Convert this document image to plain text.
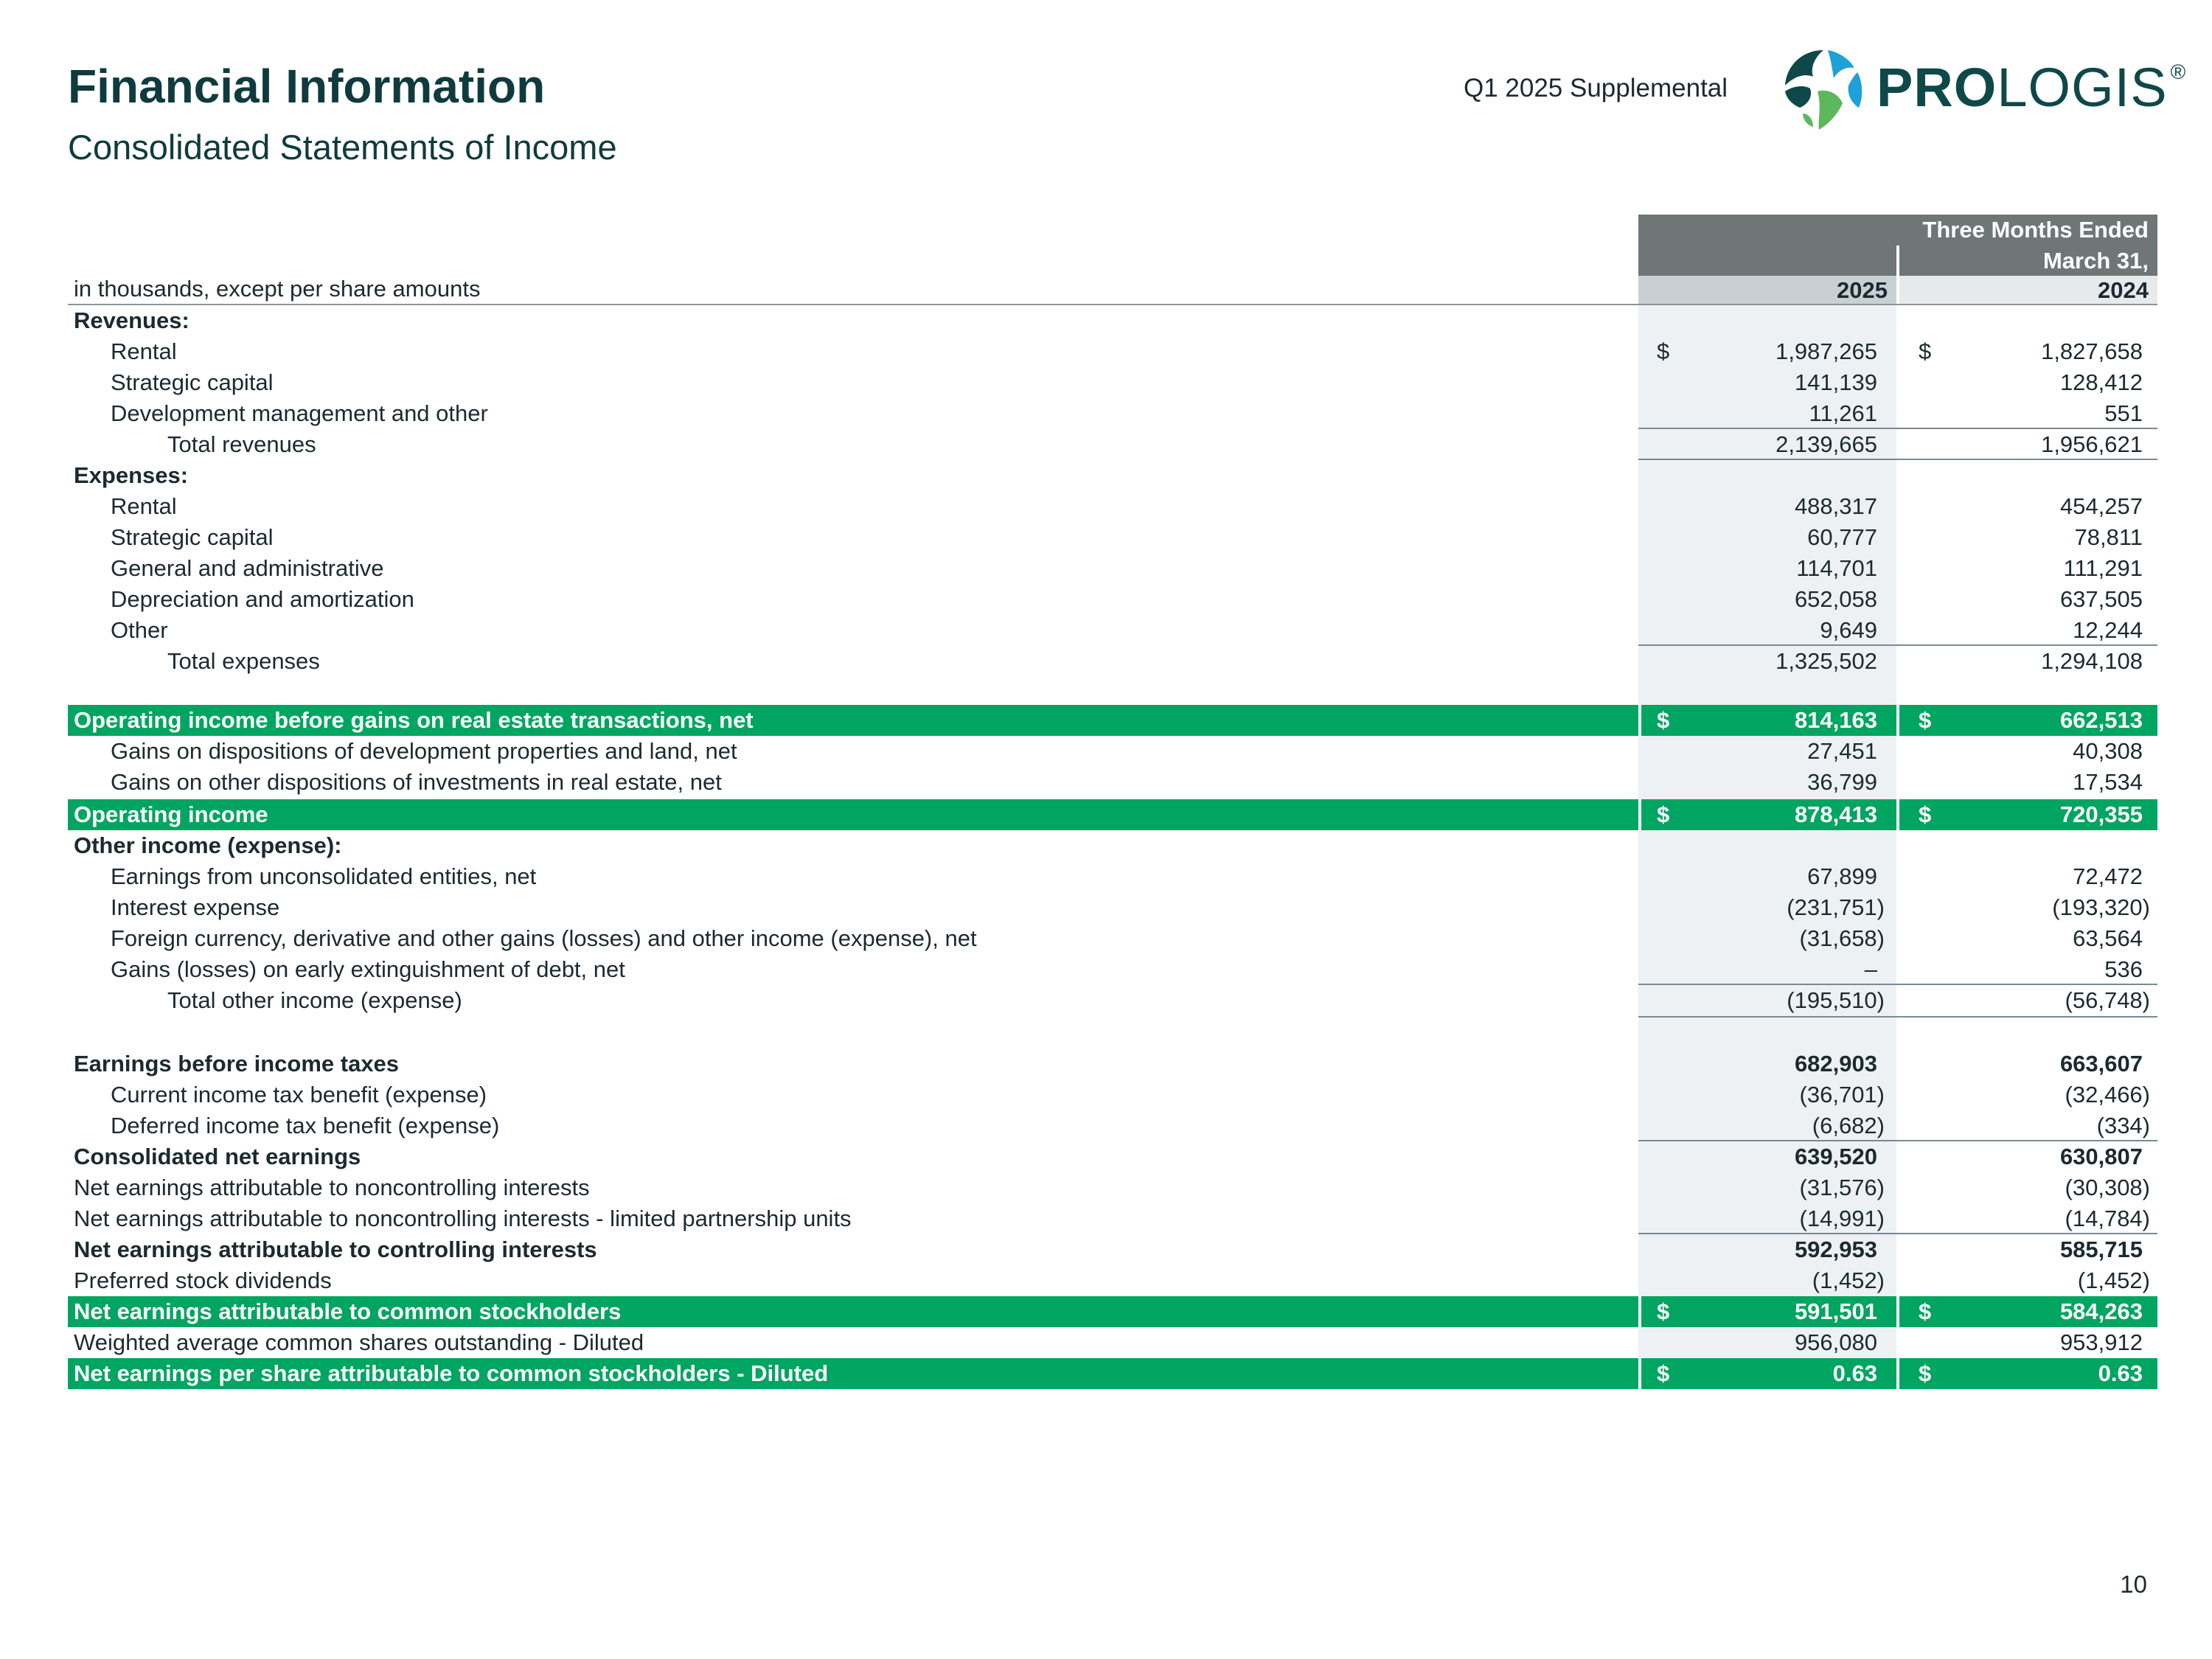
Financial Information
Consolidated Statements of Income
Q1 2025 Supplemental	PROLOGIS ®
Three Months Ended
March 31,
in thousands, except per share amounts	2025	2024
Revenues:
Rental	$	1,987,265 $	1,827,658
Strategic capital	141,139	128,412
Development management and other	11,261	551
Total revenues	2,139,665	1,956,621
Expenses:
Rental	488,317	454,257
Strategic capital	60,777	78,811
General and administrative	114,701	111,291
Depreciation and amortization	652,058	637,505
Other	9,649	12,244
Total expenses	1,325,502	1,294,108
Operating income before gains on real estate transactions, net	$	814,163 $	662,513
Gains on dispositions of development properties and land, net	27,451	40,308
Gains on other dispositions of investments in real estate, net	36,799	17,534
Operating income	$	878,413 $	720,355
Other income (expense):
Earnings from unconsolidated entities, net	67,899	72,472
Interest expense	(231,751)	(193,320)
Foreign currency, derivative and other gains (losses) and other income (expense), net	(31,658)	63,564
Gains (losses) on early extinguishment of debt, net	–	536
Total other income (expense)	(195,510)	(56,748)
Earnings before income taxes	682,903	663,607
Current income tax benefit (expense)	(36,701)	(32,466)
Deferred income tax benefit (expense)	(6,682)	(334)
Consolidated net earnings	639,520	630,807
Net earnings attributable to noncontrolling interests	(31,576)	(30,308)
Net earnings attributable to noncontrolling interests - limited partnership units	(14,991)	(14,784)
Net earnings attributable to controlling interests	592,953	585,715
Preferred stock dividends	(1,452)	(1,452)
Net earnings attributable to common stockholders	$	591,501 $	584,263
Weighted average common shares outstanding - Diluted	956,080	953,912
Net earnings per share attributable to common stockholders - Diluted	$	0.63 $	0.63
10
